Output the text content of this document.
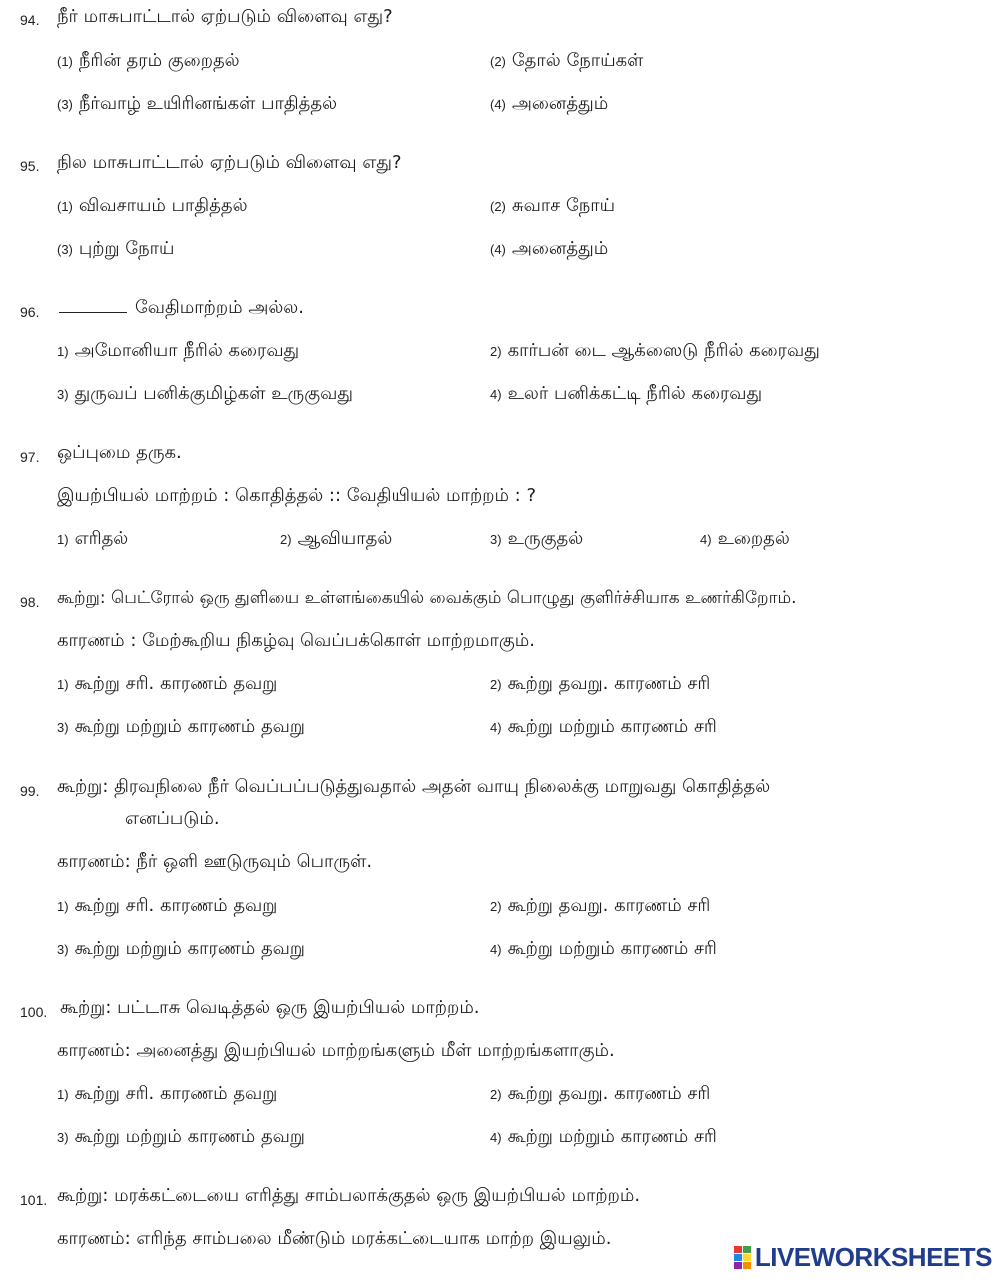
94. நீர் மாசுபாட்டால் ஏற்படும் விளைவு எது?
(1) நீரின் தரம் குறைதல்	(2) தோல் நோய்கள்
(3) நீர்வாழ் உயிரினங்கள் பாதித்தல்	(4) அனைத்தும்
95. நில மாசுபாட்டால் ஏற்படும் விளைவு எது?
(1) விவசாயம் பாதித்தல்	(2) சுவாச நோய்
(3) புற்று நோய்	(4) அனைத்தும்
96.	வேதிமாற்றம் அல்ல.
1) அமோனியா நீரில் கரைவது	2) கார்பன் டை ஆக்ஸைடு நீரில் கரைவது
3) துருவப் பனிக்குமிழ்கள் உருகுவது	4) உலர் பனிக்கட்டி நீரில் கரைவது
97. ஒப்புமை தருக.
இயற்பியல் மாற்றம் : கொதித்தல் :: வேதியியல் மாற்றம் : ?
1) எரிதல்	2) ஆவியாதல்	3) உருகுதல்	4) உறைதல்
98. கூற்று: பெட்ரோல் ஒரு துளியை உள்ளங்கையில் வைக்கும் பொழுது குளிர்ச்சியாக உணர்கிறோம்.
காரணம் : மேற்கூறிய நிகழ்வு வெப்பக்கொள் மாற்றமாகும்.
1) கூற்று சரி. காரணம் தவறு	2) கூற்று தவறு. காரணம் சரி
3) கூற்று மற்றும் காரணம் தவறு	4) கூற்று மற்றும் காரணம் சரி
99. கூற்று: திரவநிலை நீர் வெப்பப்படுத்துவதால் அதன் வாயு நிலைக்கு மாறுவது கொதித்தல்
எனப்படும்.
காரணம்: நீர் ஒளி ஊடுருவும் பொருள்.
1) கூற்று சரி. காரணம் தவறு	2) கூற்று தவறு. காரணம் சரி
3) கூற்று மற்றும் காரணம் தவறு	4) கூற்று மற்றும் காரணம் சரி
100. கூற்று: பட்டாசு வெடித்தல் ஒரு இயற்பியல் மாற்றம்.
காரணம்: அனைத்து இயற்பியல் மாற்றங்களும் மீள் மாற்றங்களாகும்.
1) கூற்று சரி. காரணம் தவறு	2) கூற்று தவறு. காரணம் சரி
3) கூற்று மற்றும் காரணம் தவறு	4) கூற்று மற்றும் காரணம் சரி
101. கூற்று: மரக்கட்டையை எரித்து சாம்பலாக்குதல் ஒரு இயற்பியல் மாற்றம்.
காரணம்: எரிந்த சாம்பலை மீண்டும் மரக்கட்டையாக மாற்ற இயலும்.
LIVEWORKSHEETS
